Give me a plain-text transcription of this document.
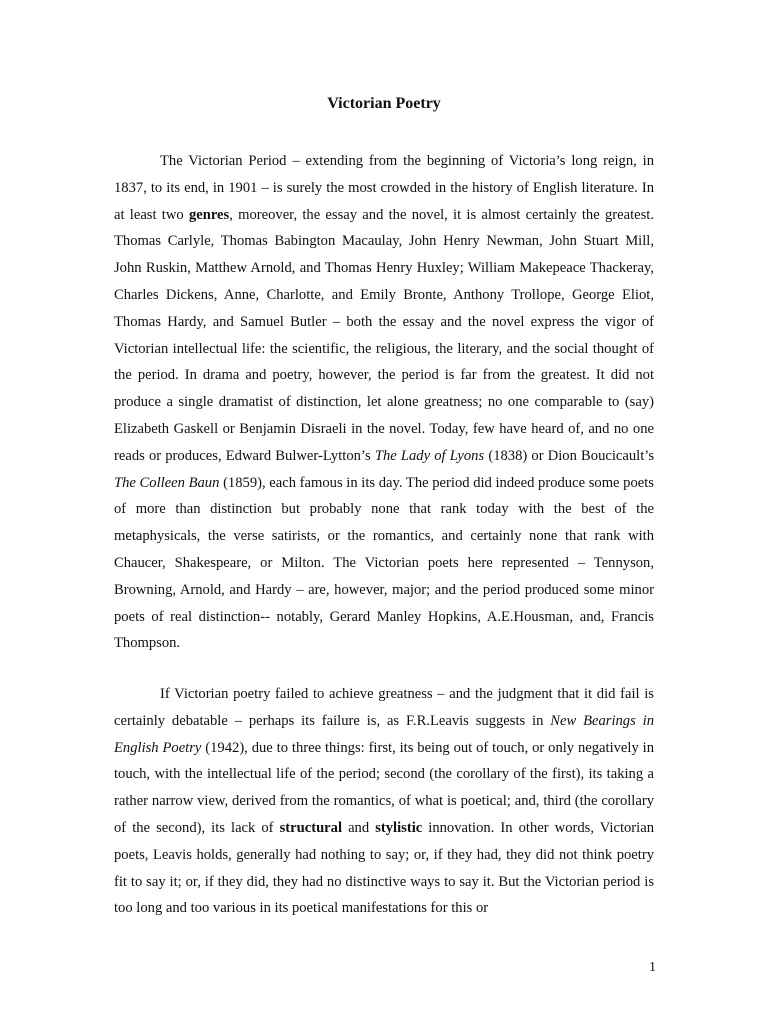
Victorian Poetry

The Victorian Period – extending from the beginning of Victoria’s long reign, in 1837, to its end, in 1901 – is surely the most crowded in the history of English literature. In at least two genres, moreover, the essay and the novel, it is almost certainly the greatest. Thomas Carlyle, Thomas Babington Macaulay, John Henry Newman, John Stuart Mill, John Ruskin, Matthew Arnold, and Thomas Henry Huxley; William Makepeace Thackeray, Charles Dickens, Anne, Charlotte, and Emily Bronte, Anthony Trollope, George Eliot, Thomas Hardy, and Samuel Butler – both the essay and the novel express the vigor of Victorian intellectual life: the scientific, the religious, the literary, and the social thought of the period. In drama and poetry, however, the period is far from the greatest. It did not produce a single dramatist of distinction, let alone greatness; no one comparable to (say) Elizabeth Gaskell or Benjamin Disraeli in the novel. Today, few have heard of, and no one reads or produces, Edward Bulwer-Lytton’s The Lady of Lyons (1838) or Dion Boucicault’s The Colleen Baun (1859), each famous in its day. The period did indeed produce some poets of more than distinction but probably none that rank today with the best of the metaphysicals, the verse satirists, or the romantics, and certainly none that rank with Chaucer, Shakespeare, or Milton. The Victorian poets here represented – Tennyson, Browning, Arnold, and Hardy – are, however, major; and the period produced some minor poets of real distinction-- notably, Gerard Manley Hopkins, A.E.Housman, and, Francis Thompson.

If Victorian poetry failed to achieve greatness – and the judgment that it did fail is certainly debatable – perhaps its failure is, as F.R.Leavis suggests in New Bearings in English Poetry (1942), due to three things: first, its being out of touch, or only negatively in touch, with the intellectual life of the period; second (the corollary of the first), its taking a rather narrow view, derived from the romantics, of what is poetical; and, third (the corollary of the second), its lack of structural and stylistic innovation. In other words, Victorian poets, Leavis holds, generally had nothing to say; or, if they had, they did not think poetry fit to say it; or, if they did, they had no distinctive ways to say it. But the Victorian period is too long and too various in its poetical manifestations for this or

1
